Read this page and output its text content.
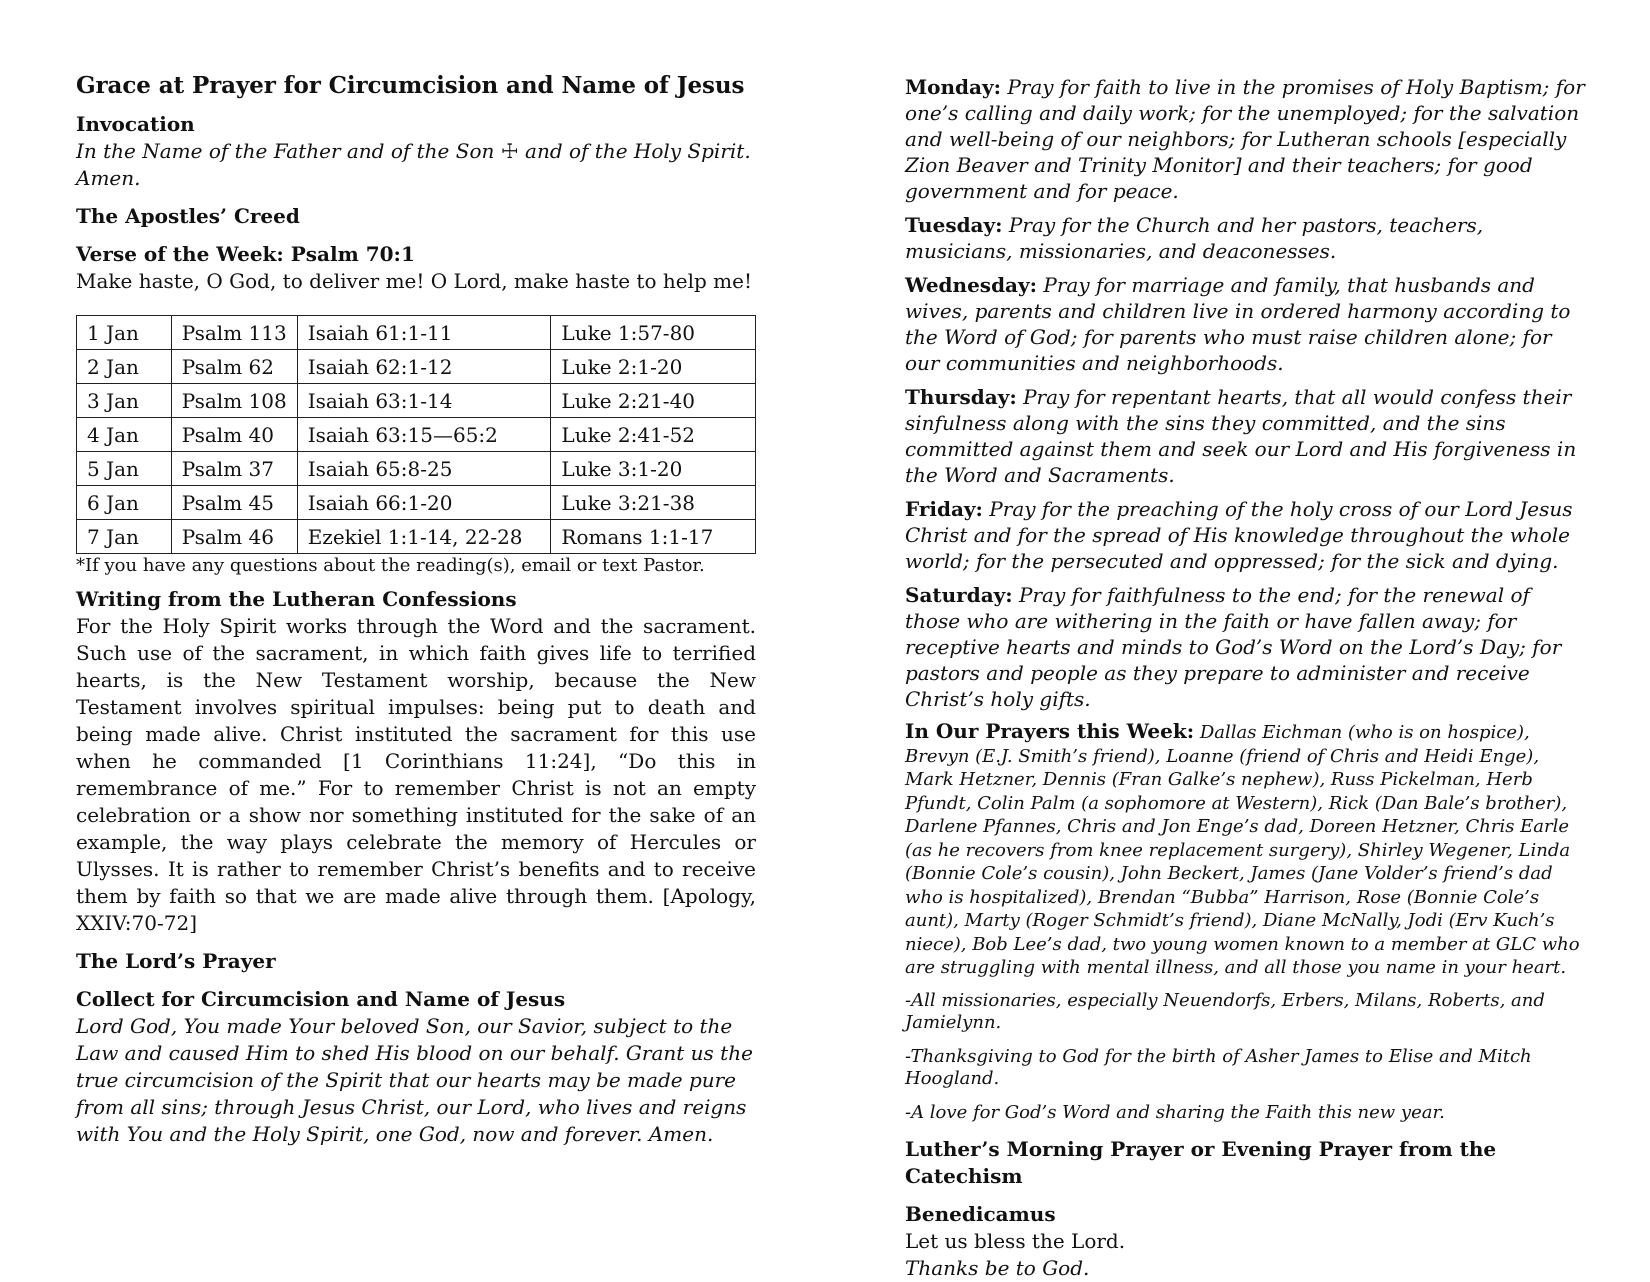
Grace at Prayer for Circumcision and Name of Jesus

Invocation

In the Name of the Father and of the Son ☩ and of the Holy Spirit.
Amen.

The Apostles’ Creed

Verse of the Week: Psalm 70:1

Make haste, O God, to deliver me! O Lord, make haste to help me!

1 Jan	Psalm 113	Isaiah 61:1-11	Luke 1:57-80
2 Jan	Psalm 62	Isaiah 62:1-12	Luke 2:1-20
3 Jan	Psalm 108	Isaiah 63:1-14	Luke 2:21-40
4 Jan	Psalm 40	Isaiah 63:15—65:2	Luke 2:41-52
5 Jan	Psalm 37	Isaiah 65:8-25	Luke 3:1-20
6 Jan	Psalm 45	Isaiah 66:1-20	Luke 3:21-38
7 Jan	Psalm 46	Ezekiel 1:1-14, 22-28	Romans 1:1-17

*If you have any questions about the reading(s), email or text Pastor.

Writing from the Lutheran Confessions

For the Holy Spirit works through the Word and the sacrament. Such use of the sacrament, in which faith gives life to terrified hearts, is the New Testament worship, because the New Testament involves spiritual impulses: being put to death and being made alive. Christ instituted the sacrament for this use when he commanded [1 Corinthians 11:24], “Do this in remembrance of me.” For to remember Christ is not an empty celebration or a show nor something instituted for the sake of an example, the way plays celebrate the memory of Hercules or Ulysses. It is rather to remember Christ’s benefits and to receive them by faith so that we are made alive through them. [Apology, XXIV:70-72]

The Lord’s Prayer

Collect for Circumcision and Name of Jesus

Lord God, You made Your beloved Son, our Savior, subject to the Law and caused Him to shed His blood on our behalf. Grant us the true circumcision of the Spirit that our hearts may be made pure from all sins; through Jesus Christ, our Lord, who lives and reigns with You and the Holy Spirit, one God, now and forever. Amen.

Monday: Pray for faith to live in the promises of Holy Baptism; for one’s calling and daily work; for the unemployed; for the salvation and well-being of our neighbors; for Lutheran schools [especially Zion Beaver and Trinity Monitor] and their teachers; for good government and for peace.

Tuesday: Pray for the Church and her pastors, teachers, musicians, missionaries, and deaconesses.

Wednesday: Pray for marriage and family, that husbands and wives, parents and children live in ordered harmony according to the Word of God; for parents who must raise children alone; for our communities and neighborhoods.

Thursday: Pray for repentant hearts, that all would confess their sinfulness along with the sins they committed, and the sins committed against them and seek our Lord and His forgiveness in the Word and Sacraments.

Friday: Pray for the preaching of the holy cross of our Lord Jesus Christ and for the spread of His knowledge throughout the whole world; for the persecuted and oppressed; for the sick and dying.

Saturday: Pray for faithfulness to the end; for the renewal of those who are withering in the faith or have fallen away; for receptive hearts and minds to God’s Word on the Lord’s Day; for pastors and people as they prepare to administer and receive Christ’s holy gifts.

In Our Prayers this Week: Dallas Eichman (who is on hospice), Brevyn (E.J. Smith’s friend), Loanne (friend of Chris and Heidi Enge), Mark Hetzner, Dennis (Fran Galke’s nephew), Russ Pickelman, Herb Pfundt, Colin Palm (a sophomore at Western), Rick (Dan Bale’s brother), Darlene Pfannes, Chris and Jon Enge’s dad, Doreen Hetzner, Chris Earle (as he recovers from knee replacement surgery), Shirley Wegener, Linda (Bonnie Cole’s cousin), John Beckert, James (Jane Volder’s friend’s dad who is hospitalized), Brendan “Bubba” Harrison, Rose (Bonnie Cole’s aunt), Marty (Roger Schmidt’s friend), Diane McNally, Jodi (Erv Kuch’s niece), Bob Lee’s dad, two young women known to a member at GLC who are struggling with mental illness, and all those you name in your heart.

-All missionaries, especially Neuendorfs, Erbers, Milans, Roberts, and Jamielynn.

-Thanksgiving to God for the birth of Asher James to Elise and Mitch Hoogland.

-A love for God’s Word and sharing the Faith this new year.

Luther’s Morning Prayer or Evening Prayer from the Catechism

Benedicamus

Let us bless the Lord.

Thanks be to God.
